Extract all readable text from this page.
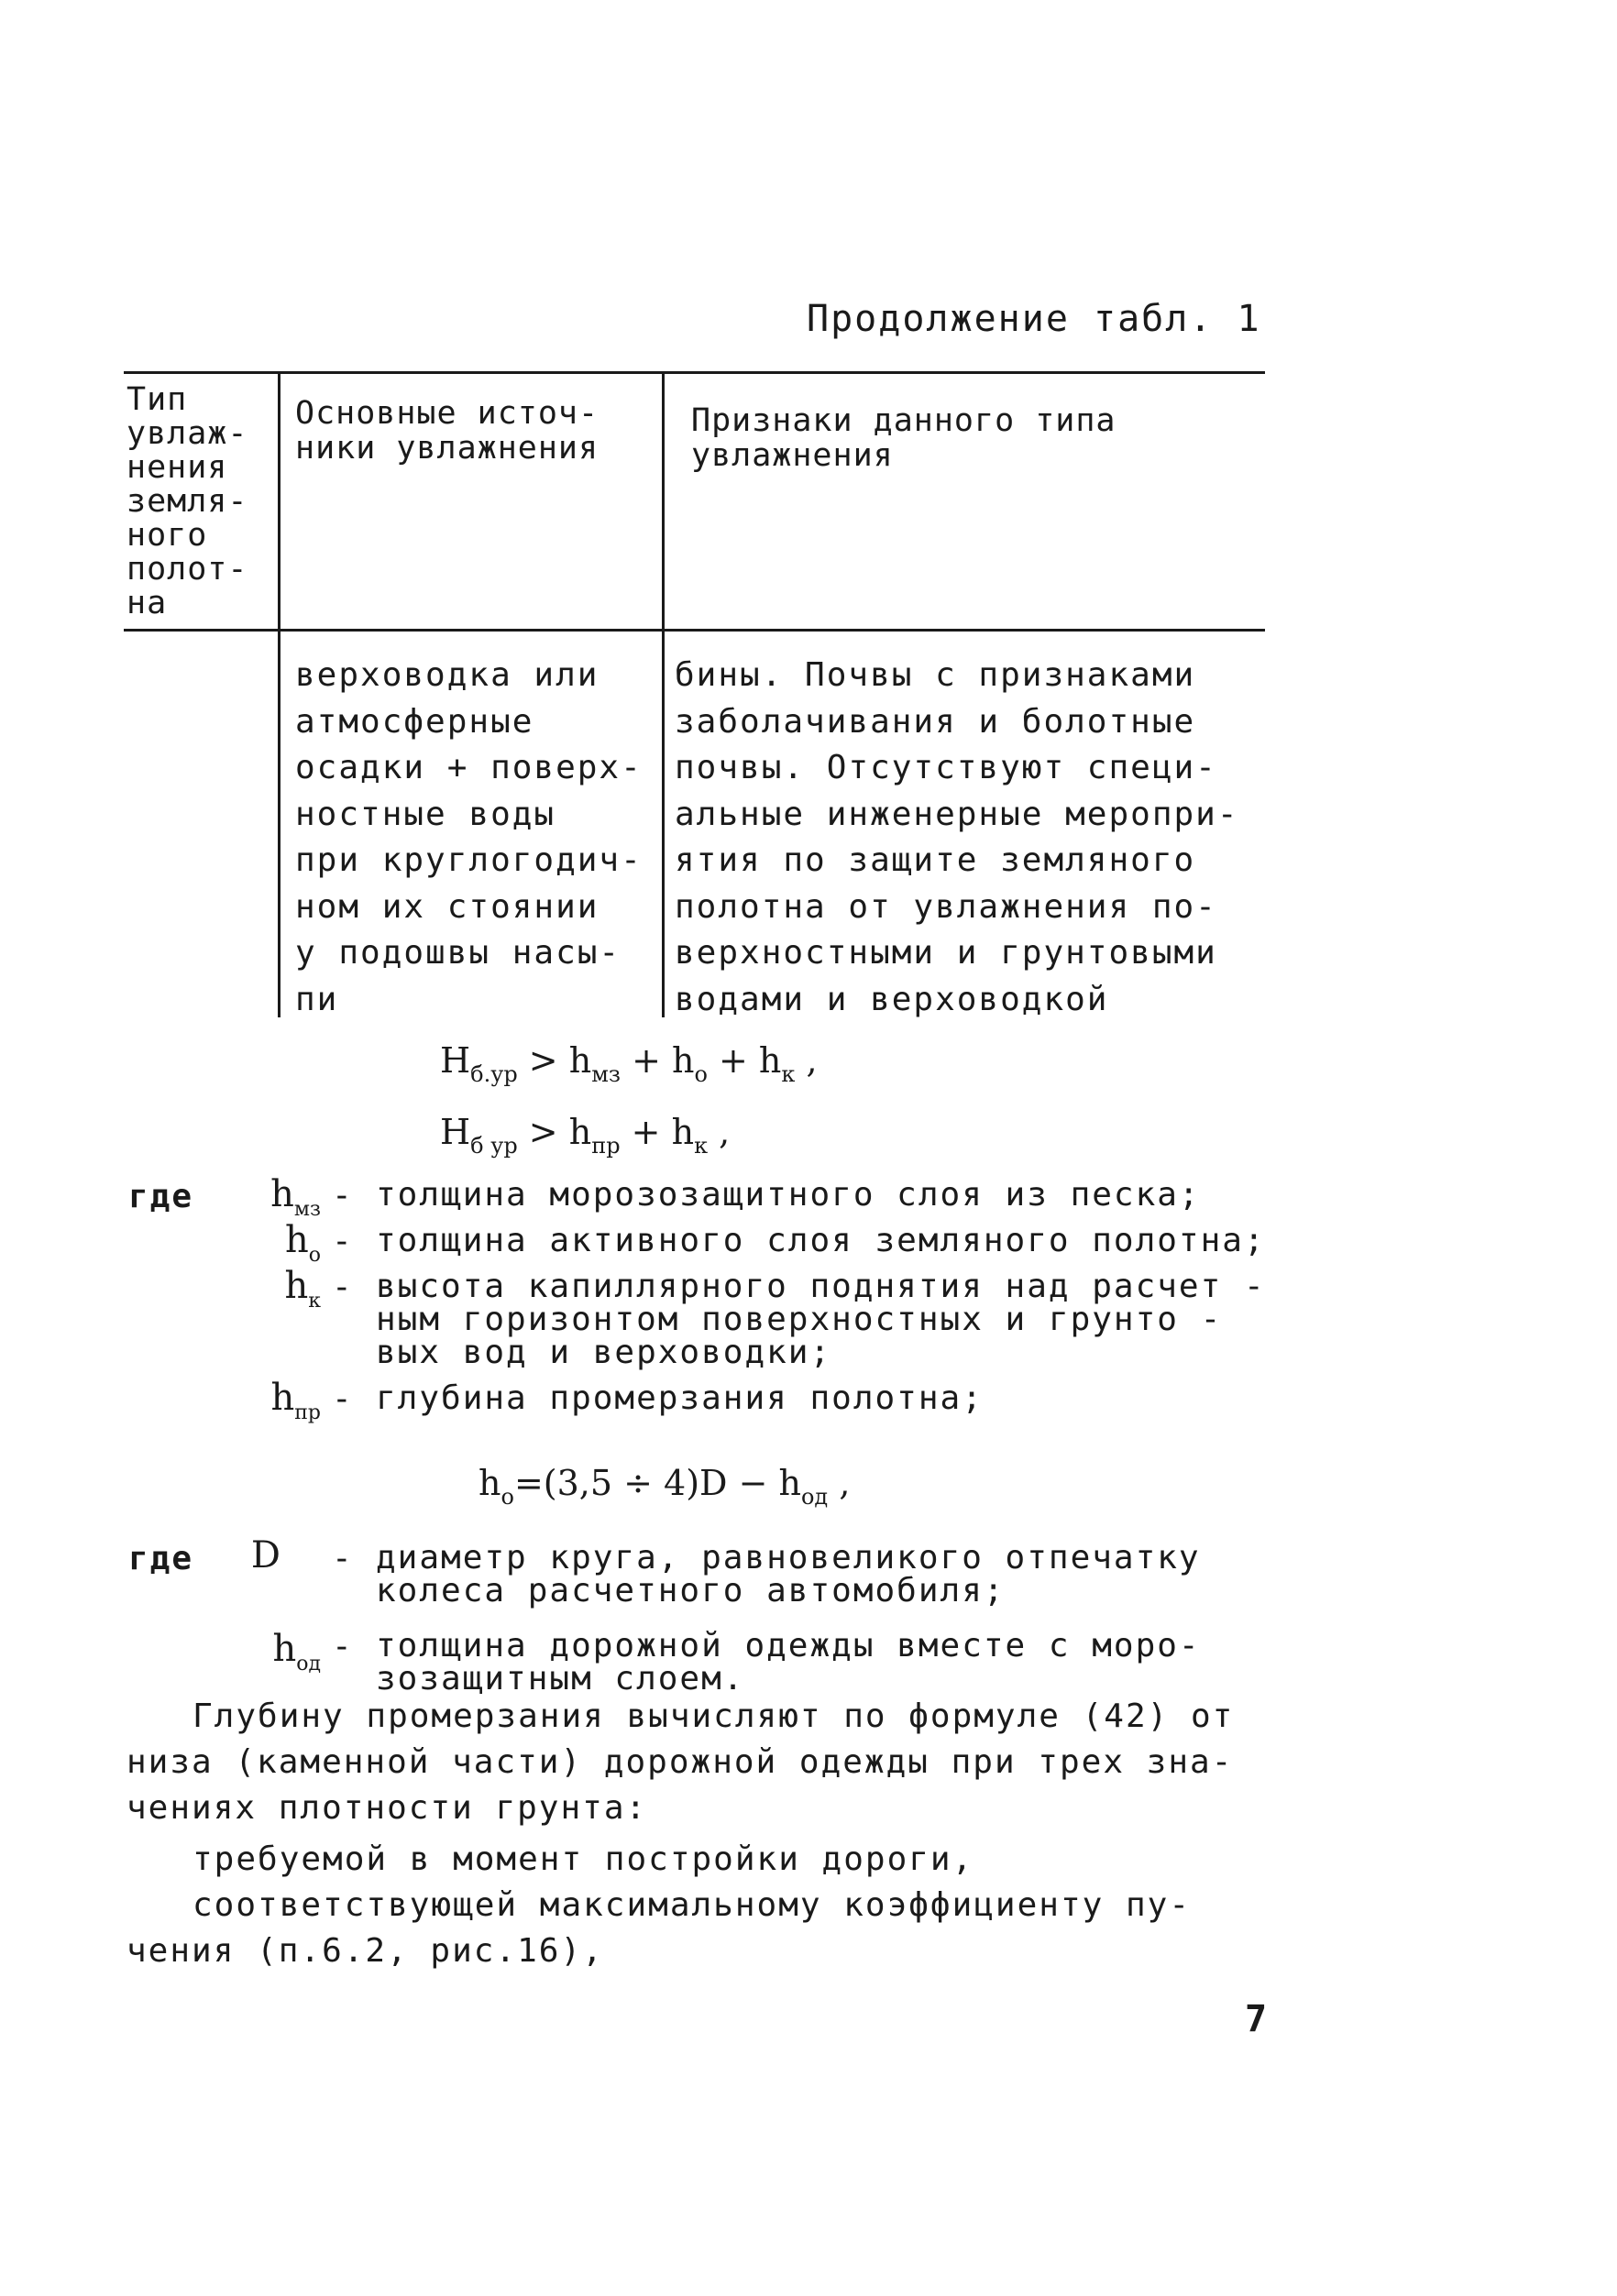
Продолжение табл. 1
Тип
увлаж-
нения
земля-
ного
полот-
на
Основные источ-
ники увлажнения
Признаки данного типа
увлажнения
верховодка или
атмосферные
осадки + поверх-
ностные воды
при круглогодич-
ном их стоянии
у подошвы насы-
пи
бины. Почвы с признаками
заболачивания и болотные
почвы. Отсутствуют специ-
альные инженерные меропри-
ятия по защите земляного
полотна от увлажнения по-
верхностными и грунтовыми
водами и верховодкой
$H_{б.ур} > h_{мз} + h_о + h_к$ ,
$H_{б ур} > h_{пр} + h_к$ ,
где	$h_{мз}$ - толщина морозозащитного слоя из песка;
$h_о$ - толщина активного слоя земляного полотна;
$h_к$ - высота капиллярного поднятия над расчет -
ным горизонтом поверхностных и грунто -
вых вод и верховодки;
$h_{пр}$ - глубина промерзания полотна;
$h_о=(3,5 \div 4)D - h_{од}$ ,
где	D - диаметр круга, равновеликого отпечатку
колеса расчетного автомобиля;
$h_{од}$ - толщина дорожной одежды вместе с моро-
зозащитным слоем.
Глубину промерзания вычисляют по формуле (42) от
низа (каменной части) дорожной одежды при трех зна-
чениях плотности грунта:
требуемой в момент постройки дороги,
соответствующей максимальному коэффициенту пу-
чения (п.6.2, рис.16),
7
